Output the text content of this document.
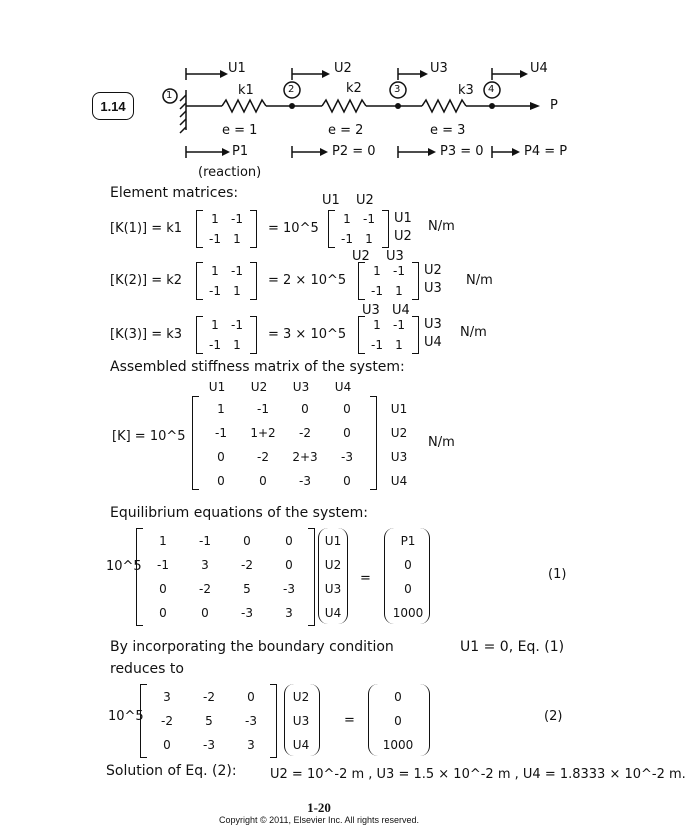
1.14
1
2	3	4
U1	U2	U3	U4
k1	k2	k3
P
e = 1	e = 2	e = 3
P1	P2 = 0	P3 = 0	P4 = P
(reaction)
Element matrices:	U1 U2
[K(1)] = k1
1	-1
-1	1
= 10^5
1	-1
-1	1
U1
U2
N/m
U2 U3
[K(2)] = k2
1	-1
-1	1
= 2 × 10^5
1	-1
-1	1
U2
U3
N/m
U3 U4
[K(3)] = k3
1	-1
-1	1
= 3 × 10^5
1	-1
-1	1
U3
U4
N/m
Assembled stiffness matrix of the system:
U1	U2	U3	U4
[K] = 10^5
1	-1	0	0
-1	1+2	-2	0
0	-2	2+3	-3
0	0	-3	0
U1
U2
U3
U4
N/m
Equilibrium equations of the system:
10^5
1	-1	0	0
-1	3	-2	0
0	-2	5	-3
0	0	-3	3
U1
U2
U3
U4
=
P1
0
0
1000
(1)
By incorporating the boundary condition	U1 = 0, Eq. (1)
reduces to
10^5
3	-2	0
-2	5	-3
0	-3	3
U2
U3
U4
=
0
0
1000
(2)
Solution of Eq. (2):	U2 = 10^-2 m , U3 = 1.5 × 10^-2 m , U4 = 1.8333 × 10^-2 m.
1-20
Copyright © 2011, Elsevier Inc. All rights reserved.
